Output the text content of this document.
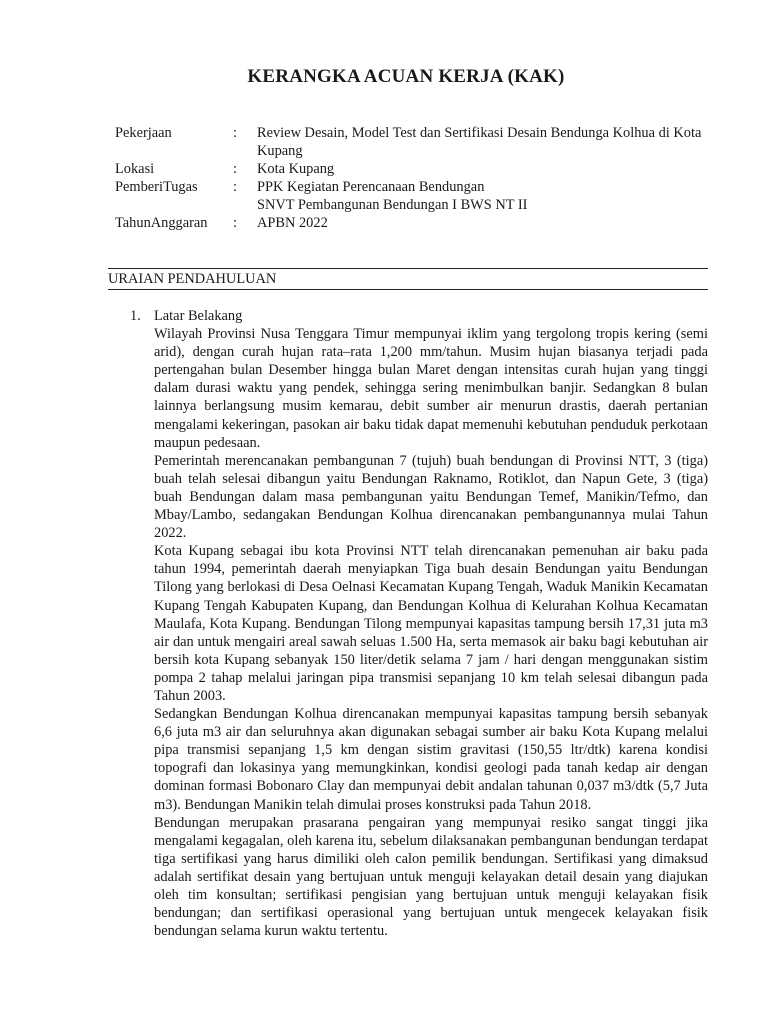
KERANGKA ACUAN KERJA (KAK)
Pekerjaan	:	Review Desain, Model Test dan Sertifikasi Desain Bendunga Kolhua di Kota Kupang
Lokasi	:	Kota Kupang
PemberiTugas	:	PPK Kegiatan Perencanaan Bendungan
SNVT Pembangunan Bendungan I BWS NT II
TahunAnggaran	:	APBN 2022
URAIAN PENDAHULUAN
1. Latar Belakang
Wilayah Provinsi Nusa Tenggara Timur mempunyai iklim yang tergolong tropis kering (semi arid), dengan curah hujan rata–rata 1,200 mm/tahun. Musim hujan biasanya terjadi pada pertengahan bulan Desember hingga bulan Maret dengan intensitas curah hujan yang tinggi dalam durasi waktu yang pendek, sehingga sering menimbulkan banjir. Sedangkan 8 bulan lainnya berlangsung musim kemarau, debit sumber air menurun drastis, daerah pertanian mengalami kekeringan, pasokan air baku tidak dapat memenuhi kebutuhan penduduk perkotaan maupun pedesaan.
Pemerintah merencanakan pembangunan 7 (tujuh) buah bendungan di Provinsi NTT, 3 (tiga) buah telah selesai dibangun yaitu Bendungan Raknamo, Rotiklot, dan Napun Gete, 3 (tiga) buah Bendungan dalam masa pembangunan yaitu Bendungan Temef, Manikin/Tefmo, dan Mbay/Lambo, sedangakan Bendungan Kolhua direncanakan pembangunannya mulai Tahun 2022.
Kota Kupang sebagai ibu kota Provinsi NTT telah direncanakan pemenuhan air baku pada tahun 1994, pemerintah daerah menyiapkan Tiga buah desain Bendungan yaitu Bendungan Tilong yang berlokasi di Desa Oelnasi Kecamatan Kupang Tengah, Waduk Manikin Kecamatan Kupang Tengah Kabupaten Kupang, dan Bendungan Kolhua di Kelurahan Kolhua Kecamatan Maulafa, Kota Kupang. Bendungan Tilong mempunyai kapasitas tampung bersih 17,31 juta m3 air dan untuk mengairi areal sawah seluas 1.500 Ha, serta memasok air baku bagi kebutuhan air bersih kota Kupang sebanyak 150 liter/detik selama 7 jam / hari dengan menggunakan sistim pompa 2 tahap melalui jaringan pipa transmisi sepanjang 10 km telah selesai dibangun pada Tahun 2003.
Sedangkan Bendungan Kolhua direncanakan mempunyai kapasitas tampung bersih sebanyak 6,6 juta m3 air dan seluruhnya akan digunakan sebagai sumber air baku Kota Kupang melalui pipa transmisi sepanjang 1,5 km dengan sistim gravitasi (150,55 ltr/dtk) karena kondisi topografi dan lokasinya yang memungkinkan, kondisi geologi pada tanah kedap air dengan dominan formasi Bobonaro Clay dan mempunyai debit andalan tahunan 0,037 m3/dtk (5,7 Juta m3). Bendungan Manikin telah dimulai proses konstruksi pada Tahun 2018.
Bendungan merupakan prasarana pengairan yang mempunyai resiko sangat tinggi jika mengalami kegagalan, oleh karena itu, sebelum dilaksanakan pembangunan bendungan terdapat tiga sertifikasi yang harus dimiliki oleh calon pemilik bendungan. Sertifikasi yang dimaksud adalah sertifikat desain yang bertujuan untuk menguji kelayakan detail desain yang diajukan oleh tim konsultan; sertifikasi pengisian yang bertujuan untuk menguji kelayakan fisik bendungan; dan sertifikasi operasional yang bertujuan untuk mengecek kelayakan fisik bendungan selama kurun waktu tertentu.
